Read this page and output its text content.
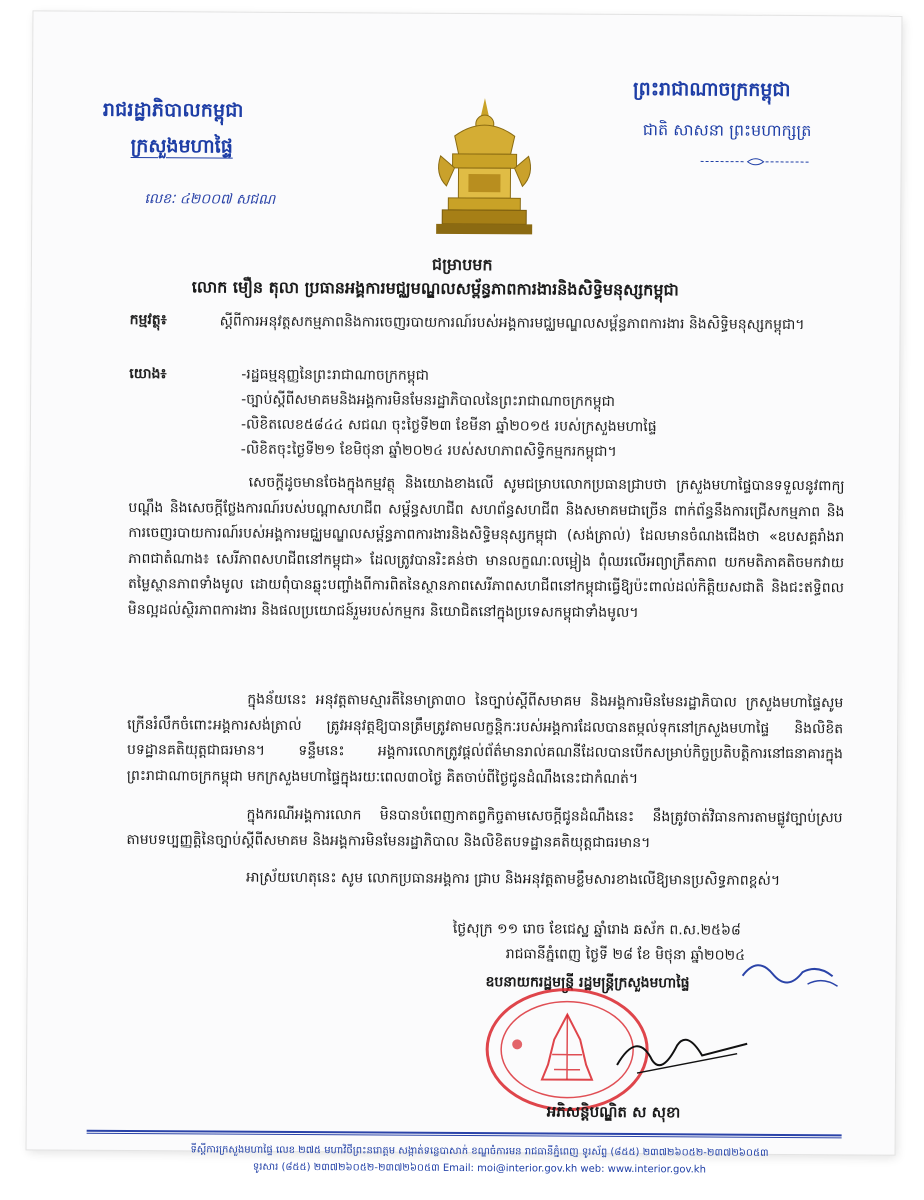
រាជរដ្ឋាភិបាលកម្ពុជា
ក្រសួងមហាផ្ទៃ
លេខៈ ៤២០០៧ សជណ
ព្រះរាជាណាចក្រកម្ពុជា
ជាតិ សាសនា ព្រះមហាក្សត្រ
ជម្រាបមក
លោក មឿន តុលា ប្រធានអង្គការមជ្ឈមណ្ឌលសម្ព័ន្ធភាពការងារនិងសិទ្ធិមនុស្សកម្ពុជា
កម្មវត្ថុ៖	ស្តីពីការអនុវត្តសកម្មភាពនិងការចេញរបាយការណ៍របស់អង្គការមជ្ឈមណ្ឌលសម្ព័ន្ធភាពការងារ និងសិទ្ធិមនុស្សកម្ពុជា។
យោង៖	-រដ្ឋធម្មនុញ្ញនៃព្រះរាជាណាចក្រកម្ពុជា
-ច្បាប់ស្តីពីសមាគមនិងអង្គការមិនមែនរដ្ឋាភិបាលនៃព្រះរាជាណាចក្រកម្ពុជា
-លិខិតលេខ៥៨៤៤ សជណ ចុះថ្ងៃទី២៣ ខែមីនា ឆ្នាំ២០១៥ របស់ក្រសួងមហាផ្ទៃ
-លិខិតចុះថ្ងៃទី២១ ខែមិថុនា ឆ្នាំ២០២៤ របស់សហភាពសិទ្ធិកម្មករកម្ពុជា។
សេចក្តីដូចមានចែងក្នុងកម្មវត្ថុ និងយោងខាងលើ សូមជម្រាបលោកប្រធានជ្រាបថា ក្រសួងមហាផ្ទៃបានទទួលនូវពាក្យបណ្តឹង និងសេចក្តីថ្លែងការណ៍របស់បណ្តាសហជីព សម្ព័ន្ធសហជីព សហព័ន្ធសហជីព និងសមាគមជាច្រើន ពាក់ព័ន្ធនឹងការជ្រើសកម្មភាព និងការចេញរបាយការណ៍របស់អង្គការមជ្ឈមណ្ឌលសម្ព័ន្ធភាពការងារនិងសិទ្ធិមនុស្សកម្ពុជា (សង់ត្រាល់) ដែលមានចំណងជើងថា «ឧបសគ្គរាំងរាភាពជាតំណាង៖ សេរីភាពសហជីពនៅកម្ពុជា» ដែលត្រូវបានរិះគន់ថា មានលក្ខណៈលម្អៀង ពុំឈរលើអព្យាក្រឹតភាព យកមតិភាគតិចមកវាយតម្លៃស្ថានភាពទាំងមូល ដោយពុំបានឆ្លុះបញ្ចាំងពីការពិតនៃស្ថានភាពសេរីភាពសហជីពនៅកម្ពុជាធ្វើឱ្យប៉ះពាល់ដល់កិត្តិយសជាតិ និងជះឥទ្ធិពលមិនល្អដល់ស្ថិរភាពការងារ និងផលប្រយោជន៍រួមរបស់កម្មករ និយោជិតនៅក្នុងប្រទេសកម្ពុជាទាំងមូល។
ក្នុងន័យនេះ អនុវត្តតាមស្មារតីនៃមាត្រា៣០ នៃច្បាប់ស្តីពីសមាគម និងអង្គការមិនមែនរដ្ឋាភិបាល ក្រសួងមហាផ្ទៃសូមក្រើនរំលឹកចំពោះអង្គការសង់ត្រាល់ ត្រូវអនុវត្តឱ្យបានត្រឹមត្រូវតាមលក្ខន្តិកៈរបស់អង្គការដែលបានតម្កល់ទុកនៅក្រសួងមហាផ្ទៃ និងលិខិតបទដ្ឋានគតិយុត្តជាធរមាន។ ទន្ទឹមនេះ អង្គការលោកត្រូវផ្តល់ព័ត៌មានរាល់គណនីដែលបានបើកសម្រាប់កិច្ចប្រតិបត្តិការនៅធនាគារក្នុងព្រះរាជាណាចក្រកម្ពុជា មកក្រសួងមហាផ្ទៃក្នុងរយៈពេល៣០ថ្ងៃ គិតចាប់ពីថ្ងៃជូនដំណឹងនេះជាកំណត់។
ក្នុងករណីអង្គការលោក មិនបានបំពេញកាតព្វកិច្ចតាមសេចក្តីជូនដំណឹងនេះ នឹងត្រូវចាត់វិធានការតាមផ្លូវច្បាប់ស្របតាមបទប្បញ្ញត្តិនៃច្បាប់ស្តីពីសមាគម និងអង្គការមិនមែនរដ្ឋាភិបាល និងលិខិតបទដ្ឋានគតិយុត្តជាធរមាន។
អាស្រ័យហេតុនេះ សូម លោកប្រធានអង្គការ ជ្រាប និងអនុវត្តតាមខ្លឹមសារខាងលើឱ្យមានប្រសិទ្ធភាពខ្ពស់។
ថ្ងៃសុក្រ ១១ រោច ខែជេស្ឋ ឆ្នាំរោង ឆស័ក ព.ស.២៥៦៨
រាជធានីភ្នំពេញ ថ្ងៃទី ២៨ ខែ មិថុនា ឆ្នាំ២០២៤
ឧបនាយករដ្ឋមន្ត្រី រដ្ឋមន្ត្រីក្រសួងមហាផ្ទៃ
អភិសន្តិបណ្ឌិត ស សុខា
ទីស្តីការក្រសួងមហាផ្ទៃ លេខ ២៧៥ មហាវិថីព្រះនរោត្តម សង្កាត់ទន្លេបាសាក់ ខណ្ឌចំការមន រាជធានីភ្នំពេញ ទូរស័ព្ទ (៨៥៥) ២៣៧២៦០៥២-២៣៧២៦០៥៣
ទូរសារ (៨៥៥) ២៣៧២៦០៥២-២៣៧២៦០៥៣ Email: moi@interior.gov.kh web: www.interior.gov.kh
